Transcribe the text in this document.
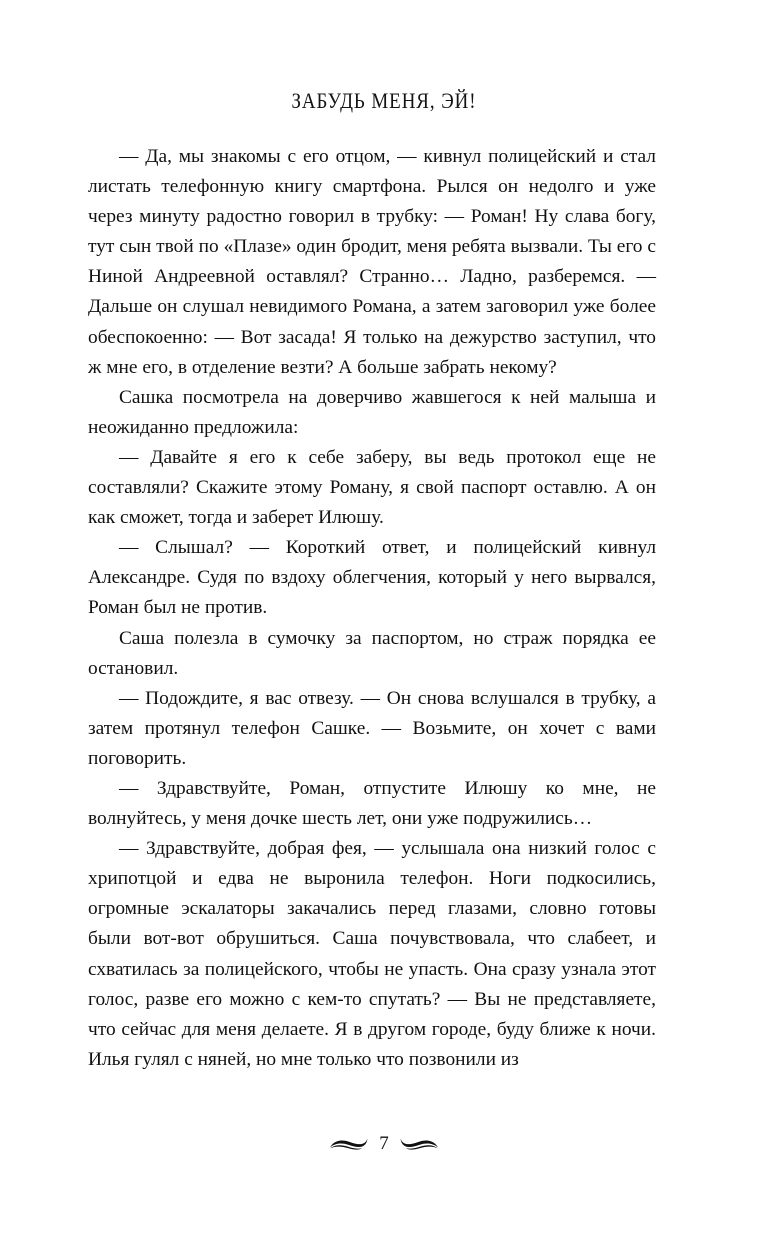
ЗАБУДЬ МЕНЯ, ЭЙ!

— Да, мы знакомы с его отцом, — кивнул полицейский и стал листать телефонную книгу смартфона. Рылся он недолго и уже через минуту радостно говорил в трубку: — Роман! Ну слава богу, тут сын твой по «Плазе» один бродит, меня ребята вызвали. Ты его с Ниной Андреевной оставлял? Странно… Ладно, разберемся. — Дальше он слушал невидимого Романа, а затем заговорил уже более обеспокоенно: — Вот засада! Я только на дежурство заступил, что ж мне его, в отделение везти? А больше забрать некому?

Сашка посмотрела на доверчиво жавшегося к ней малыша и неожиданно предложила:

— Давайте я его к себе заберу, вы ведь протокол еще не составляли? Скажите этому Роману, я свой паспорт оставлю. А он как сможет, тогда и заберет Илюшу.

— Слышал? — Короткий ответ, и полицейский кивнул Александре. Судя по вздоху облегчения, который у него вырвался, Роман был не против.

Саша полезла в сумочку за паспортом, но страж порядка ее остановил.

— Подождите, я вас отвезу. — Он снова вслушался в трубку, а затем протянул телефон Сашке. — Возьмите, он хочет с вами поговорить.

— Здравствуйте, Роман, отпустите Илюшу ко мне, не волнуйтесь, у меня дочке шесть лет, они уже подружились…

— Здравствуйте, добрая фея, — услышала она низкий голос с хрипотцой и едва не выронила телефон. Ноги подкосились, огромные эскалаторы закачались перед глазами, словно готовы были вот-вот обрушиться. Саша почувствовала, что слабеет, и схватилась за полицейского, чтобы не упасть. Она сразу узнала этот голос, разве его можно с кем-то спутать? — Вы не представляете, что сейчас для меня делаете. Я в другом городе, буду ближе к ночи. Илья гулял с няней, но мне только что позвонили из

7
